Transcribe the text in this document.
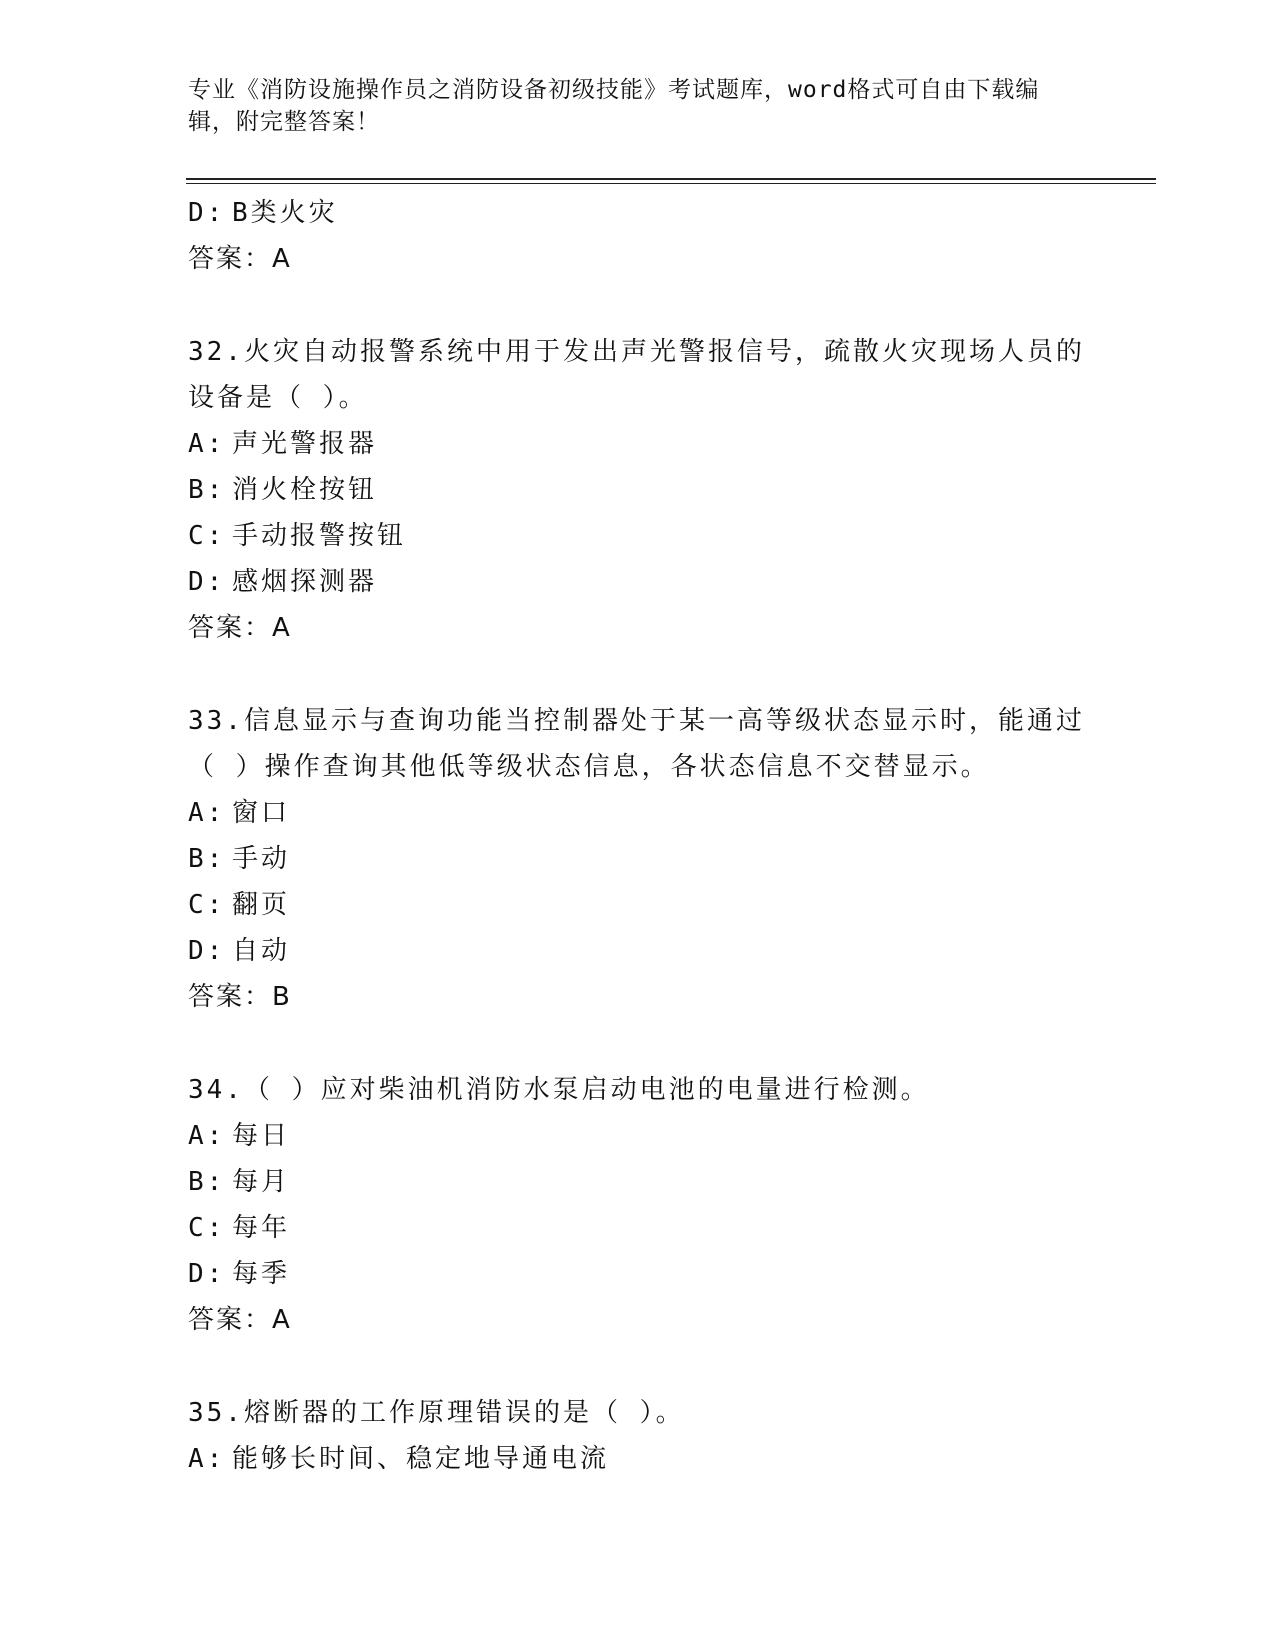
专业《消防设施操作员之消防设备初级技能》考试题库，word格式可自由下载编
辑，附完整答案！
D: B类火灾
答案：A
32.火灾自动报警系统中用于发出声光警报信号，疏散火灾现场人员的
设备是（ ）。
A: 声光警报器
B: 消火栓按钮
C: 手动报警按钮
D: 感烟探测器
答案：A
33.信息显示与查询功能当控制器处于某一高等级状态显示时，能通过
（ ）操作查询其他低等级状态信息，各状态信息不交替显示。
A: 窗口
B: 手动
C: 翻页
D: 自动
答案：B
34.（ ）应对柴油机消防水泵启动电池的电量进行检测。
A: 每日
B: 每月
C: 每年
D: 每季
答案：A
35.熔断器的工作原理错误的是（ ）。
A: 能够长时间、稳定地导通电流
